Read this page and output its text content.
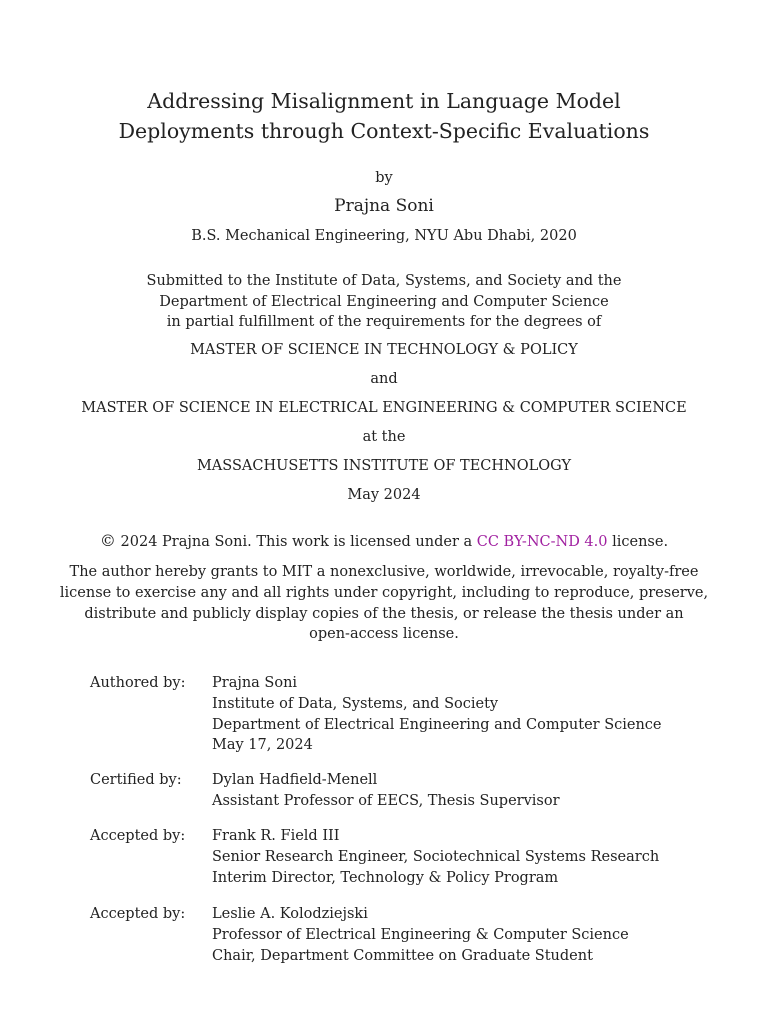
Addressing Misalignment in Language Model
Deployments through Context-Specific Evaluations
by
Prajna Soni
B.S. Mechanical Engineering, NYU Abu Dhabi, 2020
Submitted to the Institute of Data, Systems, and Society and the
Department of Electrical Engineering and Computer Science
in partial fulfillment of the requirements for the degrees of
MASTER OF SCIENCE IN TECHNOLOGY & POLICY
and
MASTER OF SCIENCE IN ELECTRICAL ENGINEERING & COMPUTER SCIENCE
at the
MASSACHUSETTS INSTITUTE OF TECHNOLOGY
May 2024
© 2024 Prajna Soni. This work is licensed under a CC BY-NC-ND 4.0 license.
The author hereby grants to MIT a nonexclusive, worldwide, irrevocable, royalty-free
license to exercise any and all rights under copyright, including to reproduce, preserve,
distribute and publicly display copies of the thesis, or release the thesis under an
open-access license.
Authored by: Prajna Soni
Institute of Data, Systems, and Society
Department of Electrical Engineering and Computer Science
May 17, 2024
Certified by: Dylan Hadfield-Menell
Assistant Professor of EECS, Thesis Supervisor
Accepted by: Frank R. Field III
Senior Research Engineer, Sociotechnical Systems Research
Interim Director, Technology & Policy Program
Accepted by: Leslie A. Kolodziejski
Professor of Electrical Engineering & Computer Science
Chair, Department Committee on Graduate Student
